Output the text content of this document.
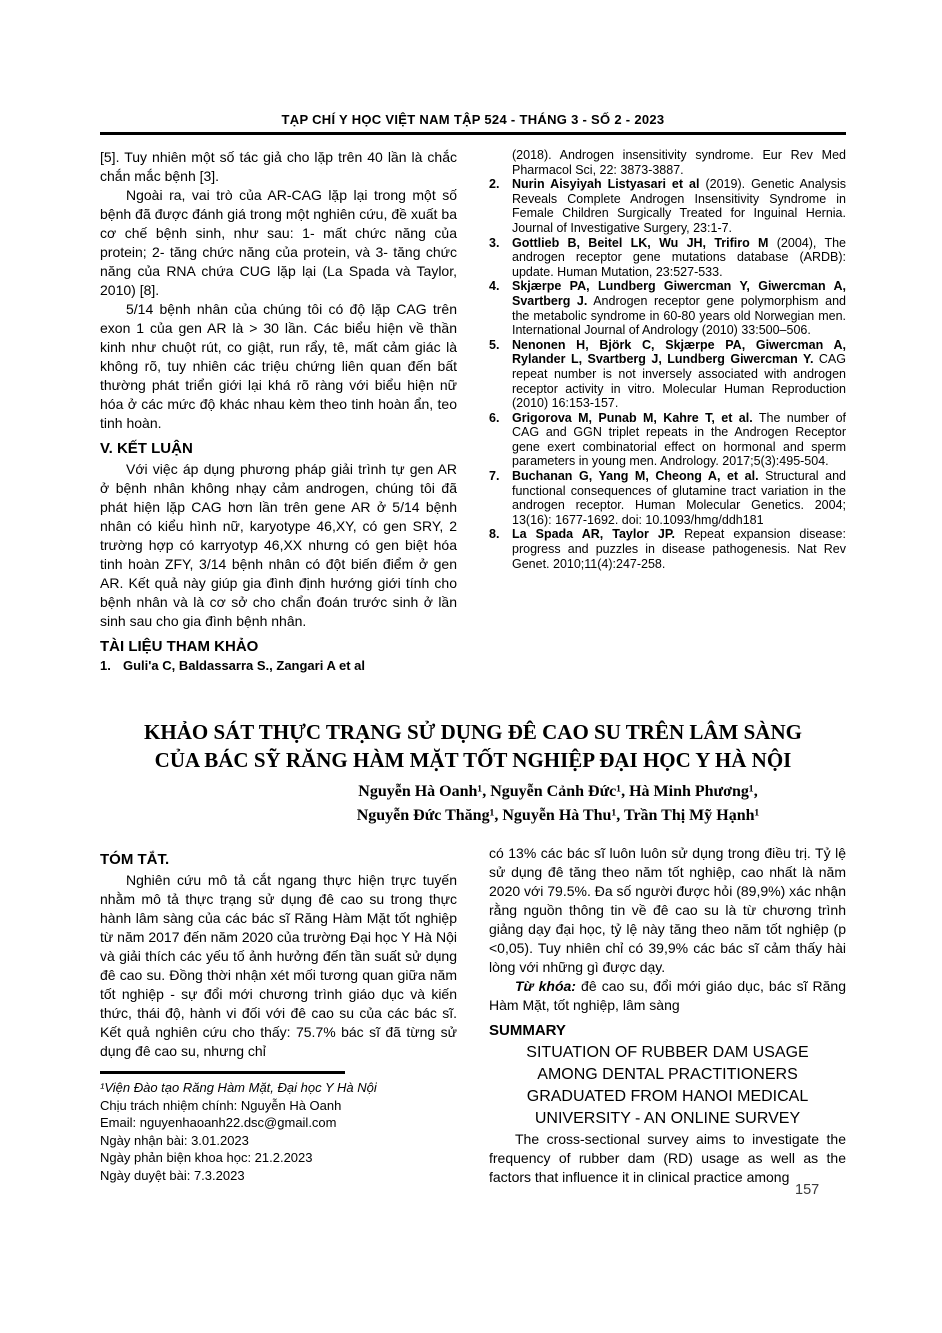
TẠP CHÍ Y HỌC VIỆT NAM TẬP 524 - THÁNG 3 - SỐ 2 - 2023

[5]. Tuy nhiên một số tác giả cho lặp trên 40 lần là chắc chắn mắc bệnh [3].

Ngoài ra, vai trò của AR-CAG lặp lại trong một số bệnh đã được đánh giá trong một nghiên cứu, đề xuất ba cơ chế bệnh sinh, như sau: 1- mất chức năng của protein; 2- tăng chức năng của protein, và 3- tăng chức năng của RNA chứa CUG lặp lại (La Spada và Taylor, 2010) [8].

5/14 bệnh nhân của chúng tôi có độ lặp CAG trên exon 1 của gen AR là > 30 lần. Các biểu hiện về thần kinh như chuột rút, co giật, run rẩy, tê, mất cảm giác là không rõ, tuy nhiên các triệu chứng liên quan đến bất thường phát triển giới lại khá rõ ràng với biểu hiện nữ hóa ở các mức độ khác nhau kèm theo tinh hoàn ẩn, teo tinh hoàn.

V. KẾT LUẬN

Với việc áp dụng phương pháp giải trình tự gen AR ở bệnh nhân không nhạy cảm androgen, chúng tôi đã phát hiện lặp CAG hơn lần trên gene AR ở 5/14 bệnh nhân có kiểu hình nữ, karyotype 46,XY, có gen SRY, 2 trường hợp có karryotyp 46,XX nhưng có gen biệt hóa tinh hoàn ZFY, 3/14 bệnh nhân có đột biến điểm ở gen AR. Kết quả này giúp gia đình định hướng giới tính cho bệnh nhân và là cơ sở cho chẩn đoán trước sinh ở lần sinh sau cho gia đình bệnh nhân.

TÀI LIỆU THAM KHẢO
1. Guli'a C, Baldassarra S., Zangari A et al

(2018). Androgen insensitivity syndrome. Eur Rev Med Pharmacol Sci, 22: 3873-3887.

2. Nurin Aisyiyah Listyasari et al (2019). Genetic Analysis Reveals Complete Androgen Insensitivity Syndrome in Female Children Surgically Treated for Inguinal Hernia. Journal of Investigative Surgery, 23:1-7.
3. Gottlieb B, Beitel LK, Wu JH, Trifiro M (2004), The androgen receptor gene mutations database (ARDB): update. Human Mutation, 23:527-533.
4. Skjærpe PA, Lundberg Giwercman Y, Giwercman A, Svartberg J. Androgen receptor gene polymorphism and the metabolic syndrome in 60-80 years old Norwegian men. International Journal of Andrology (2010) 33:500–506.
5. Nenonen H, Björk C, Skjærpe PA, Giwercman A, Rylander L, Svartberg J, Lundberg Giwercman Y. CAG repeat number is not inversely associated with androgen receptor activity in vitro. Molecular Human Reproduction (2010) 16:153-157.
6. Grigorova M, Punab M, Kahre T, et al. The number of CAG and GGN triplet repeats in the Androgen Receptor gene exert combinatorial effect on hormonal and sperm parameters in young men. Andrology. 2017;5(3):495-504.
7. Buchanan G, Yang M, Cheong A, et al. Structural and functional consequences of glutamine tract variation in the androgen receptor. Human Molecular Genetics. 2004; 13(16): 1677-1692. doi: 10.1093/hmg/ddh181
8. La Spada AR, Taylor JP. Repeat expansion disease: progress and puzzles in disease pathogenesis. Nat Rev Genet. 2010;11(4):247-258.
KHẢO SÁT THỰC TRẠNG SỬ DỤNG ĐÊ CAO SU TRÊN LÂM SÀNG
CỦA BÁC SỸ RĂNG HÀM MẶT TỐT NGHIỆP ĐẠI HỌC Y HÀ NỘI
Nguyễn Hà Oanh¹, Nguyễn Cảnh Đức¹, Hà Minh Phương¹,
Nguyễn Đức Thăng¹, Nguyễn Hà Thu¹, Trần Thị Mỹ Hạnh¹
TÓM TẮT.

Nghiên cứu mô tả cắt ngang thực hiện trực tuyến nhằm mô tả thực trạng sử dụng đê cao su trong thực hành lâm sàng của các bác sĩ Răng Hàm Mặt tốt nghiệp từ năm 2017 đến năm 2020 của trường Đại học Y Hà Nội và giải thích các yếu tố ảnh hưởng đến tần suất sử dụng đê cao su. Đồng thời nhận xét mối tương quan giữa năm tốt nghiệp - sự đổi mới chương trình giáo dục và kiến thức, thái độ, hành vi đối với đê cao su của các bác sĩ. Kết quả nghiên cứu cho thấy: 75.7% bác sĩ đã từng sử dụng đê cao su, nhưng chỉ

¹Viện Đào tạo Răng Hàm Mặt, Đại học Y Hà Nội
Chịu trách nhiệm chính: Nguyễn Hà Oanh
Email: nguyenhaoanh22.dsc@gmail.com
Ngày nhận bài: 3.01.2023
Ngày phản biện khoa học: 21.2.2023
Ngày duyệt bài: 7.3.2023

có 13% các bác sĩ luôn luôn sử dụng trong điều trị. Tỷ lệ sử dụng đê tăng theo năm tốt nghiệp, cao nhất là năm 2020 với 79.5%. Đa số người được hỏi (89,9%) xác nhận rằng nguồn thông tin về đê cao su là từ chương trình giảng dạy đại học, tỷ lệ này tăng theo năm tốt nghiệp (p <0,05). Tuy nhiên chỉ có 39,9% các bác sĩ cảm thấy hài lòng với những gì được dạy.

Từ khóa: đê cao su, đổi mới giáo dục, bác sĩ Răng Hàm Mặt, tốt nghiệp, lâm sàng

SUMMARY
SITUATION OF RUBBER DAM USAGE
AMONG DENTAL PRACTITIONERS
GRADUATED FROM HANOI MEDICAL
UNIVERSITY - AN ONLINE SURVEY

The cross-sectional survey aims to investigate the frequency of rubber dam (RD) usage as well as the factors that influence it in clinical practice among

157
